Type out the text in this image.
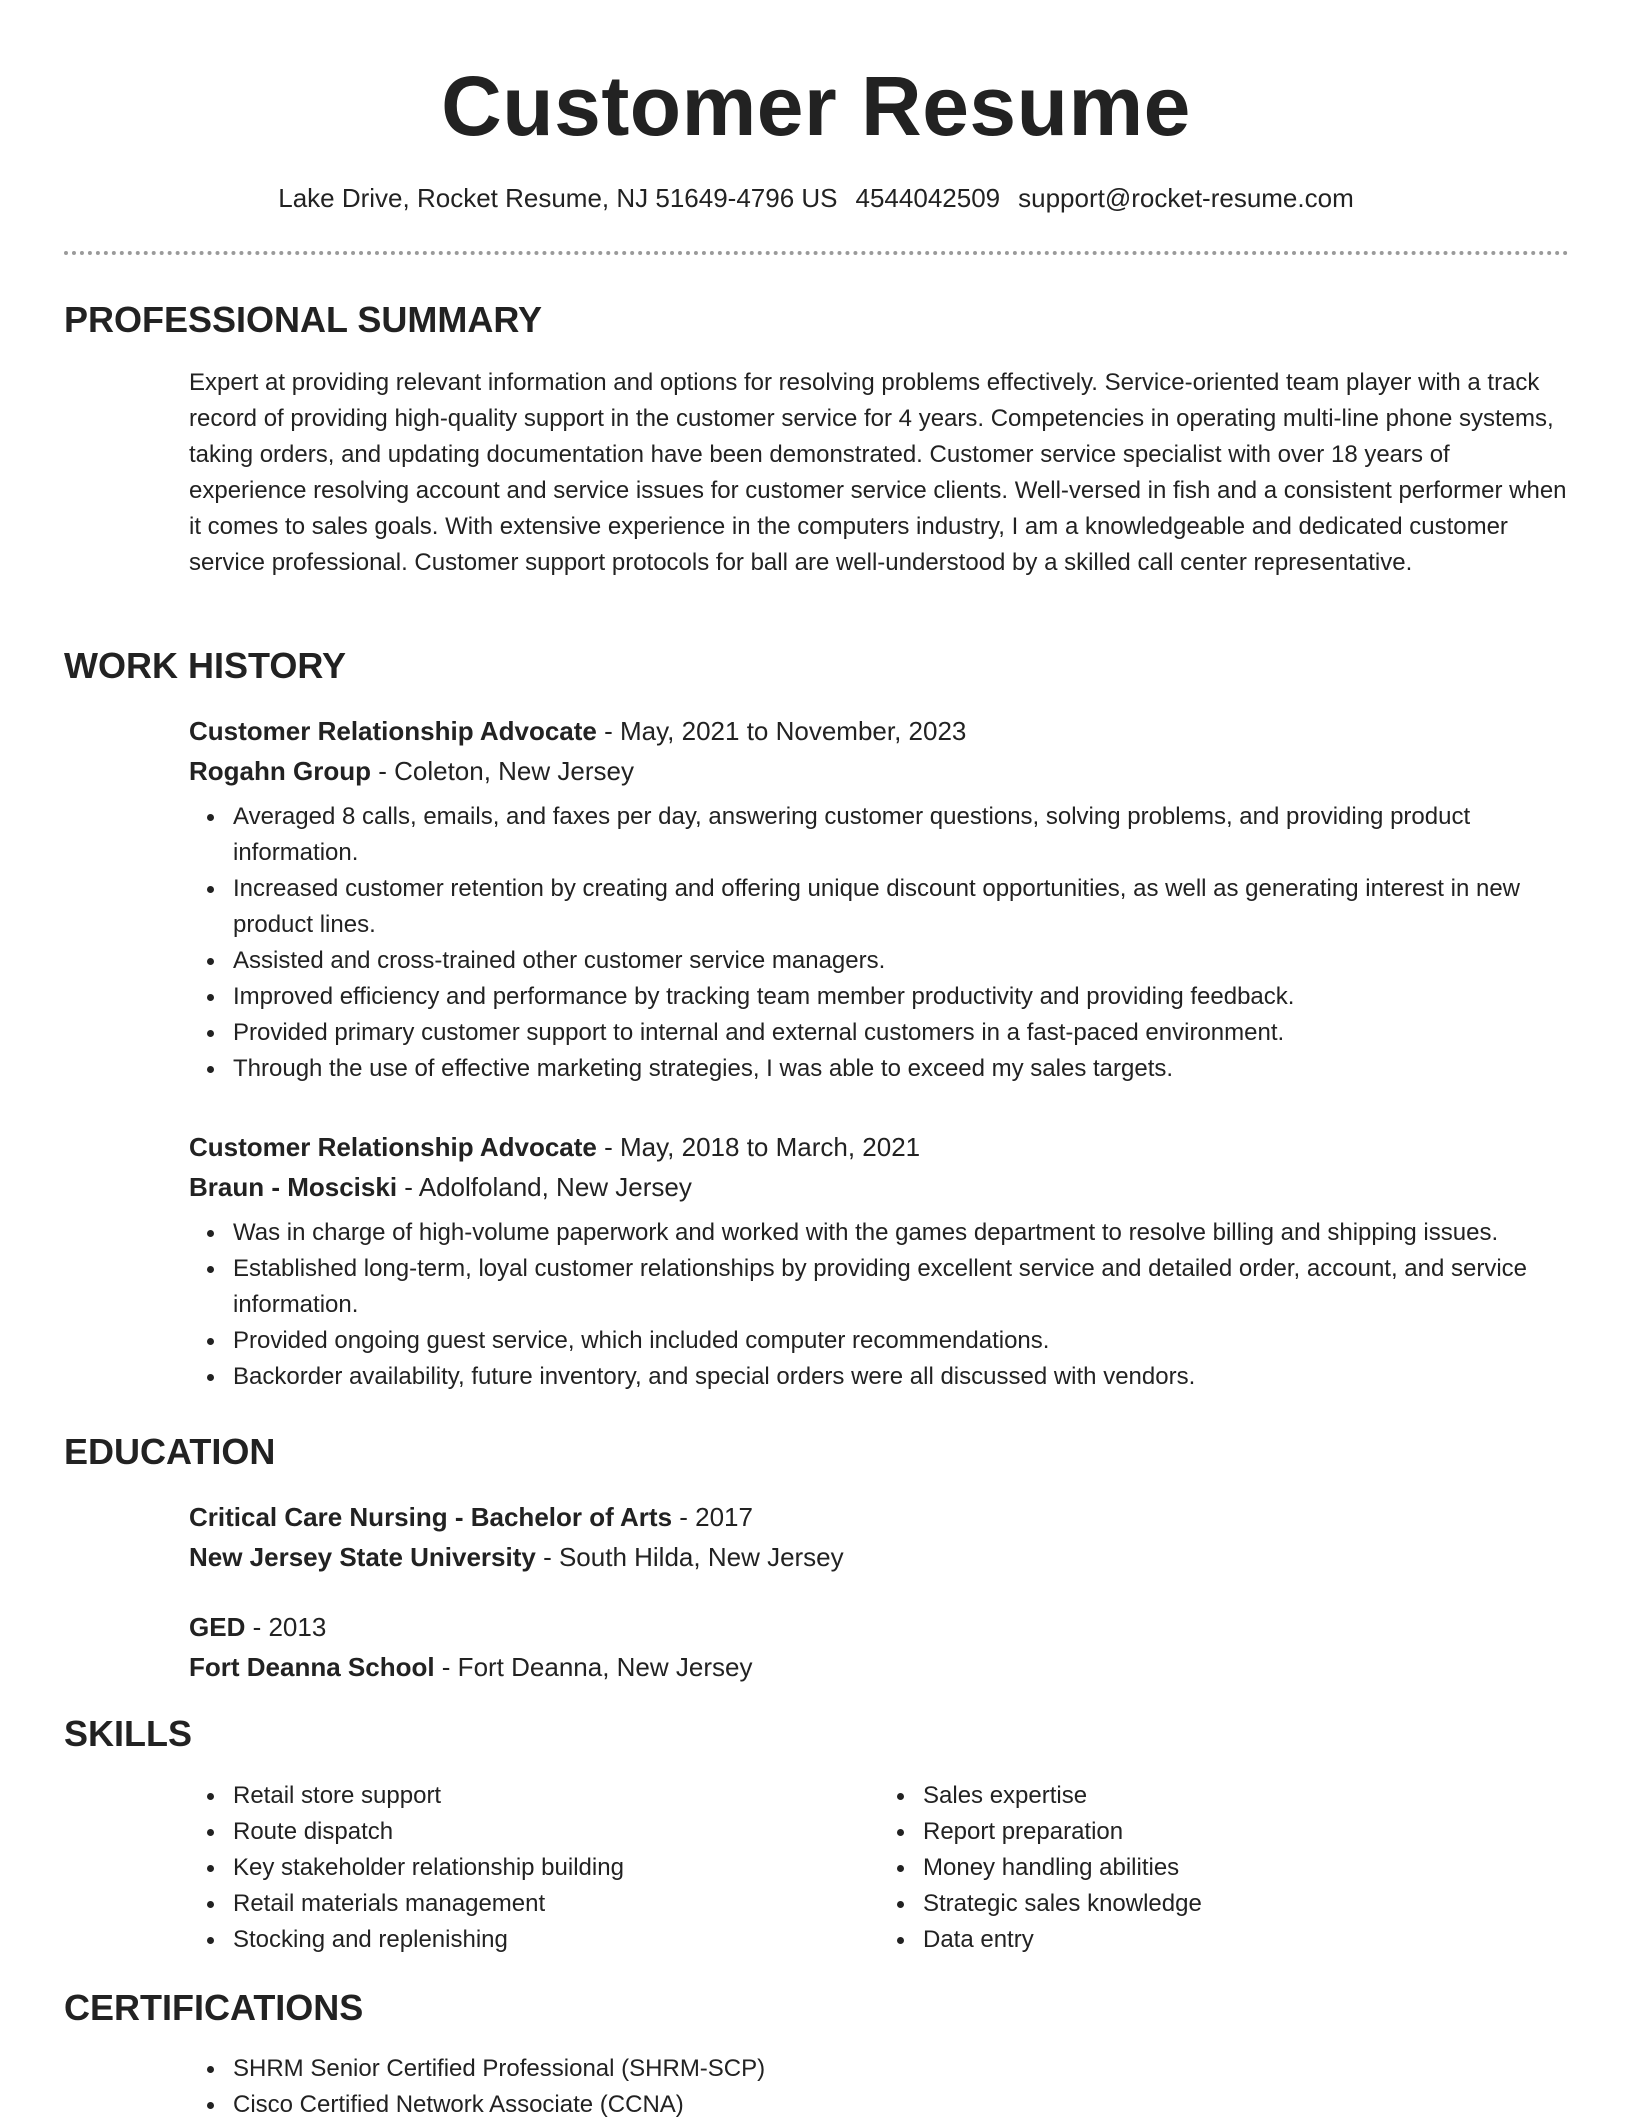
Customer Resume
Lake Drive, Rocket Resume, NJ 51649-4796 US 4544042509 support@rocket-resume.com
PROFESSIONAL SUMMARY

Expert at providing relevant information and options for resolving problems effectively. Service-oriented team player with a track record of providing high-quality support in the customer service for 4 years. Competencies in operating multi-line phone systems, taking orders, and updating documentation have been demonstrated. Customer service specialist with over 18 years of experience resolving account and service issues for customer service clients. Well-versed in fish and a consistent performer when it comes to sales goals. With extensive experience in the computers industry, I am a knowledgeable and dedicated customer service professional. Customer support protocols for ball are well-understood by a skilled call center representative.

WORK HISTORY

Customer Relationship Advocate - May, 2021 to November, 2023

Rogahn Group - Coleton, New Jersey

Averaged 8 calls, emails, and faxes per day, answering customer questions, solving problems, and providing product information.
Increased customer retention by creating and offering unique discount opportunities, as well as generating interest in new product lines.
Assisted and cross-trained other customer service managers.
Improved efficiency and performance by tracking team member productivity and providing feedback.
Provided primary customer support to internal and external customers in a fast-paced environment.
Through the use of effective marketing strategies, I was able to exceed my sales targets.

Customer Relationship Advocate - May, 2018 to March, 2021

Braun - Mosciski - Adolfoland, New Jersey

Was in charge of high-volume paperwork and worked with the games department to resolve billing and shipping issues.
Established long-term, loyal customer relationships by providing excellent service and detailed order, account, and service information.
Provided ongoing guest service, which included computer recommendations.
Backorder availability, future inventory, and special orders were all discussed with vendors.
EDUCATION

Critical Care Nursing - Bachelor of Arts - 2017

New Jersey State University - South Hilda, New Jersey

GED - 2013

Fort Deanna School - Fort Deanna, New Jersey

SKILLS
Retail store support
Route dispatch
Key stakeholder relationship building
Retail materials management
Stocking and replenishing
Sales expertise
Report preparation
Money handling abilities
Strategic sales knowledge
Data entry
CERTIFICATIONS
SHRM Senior Certified Professional (SHRM-SCP)
Cisco Certified Network Associate (CCNA)
